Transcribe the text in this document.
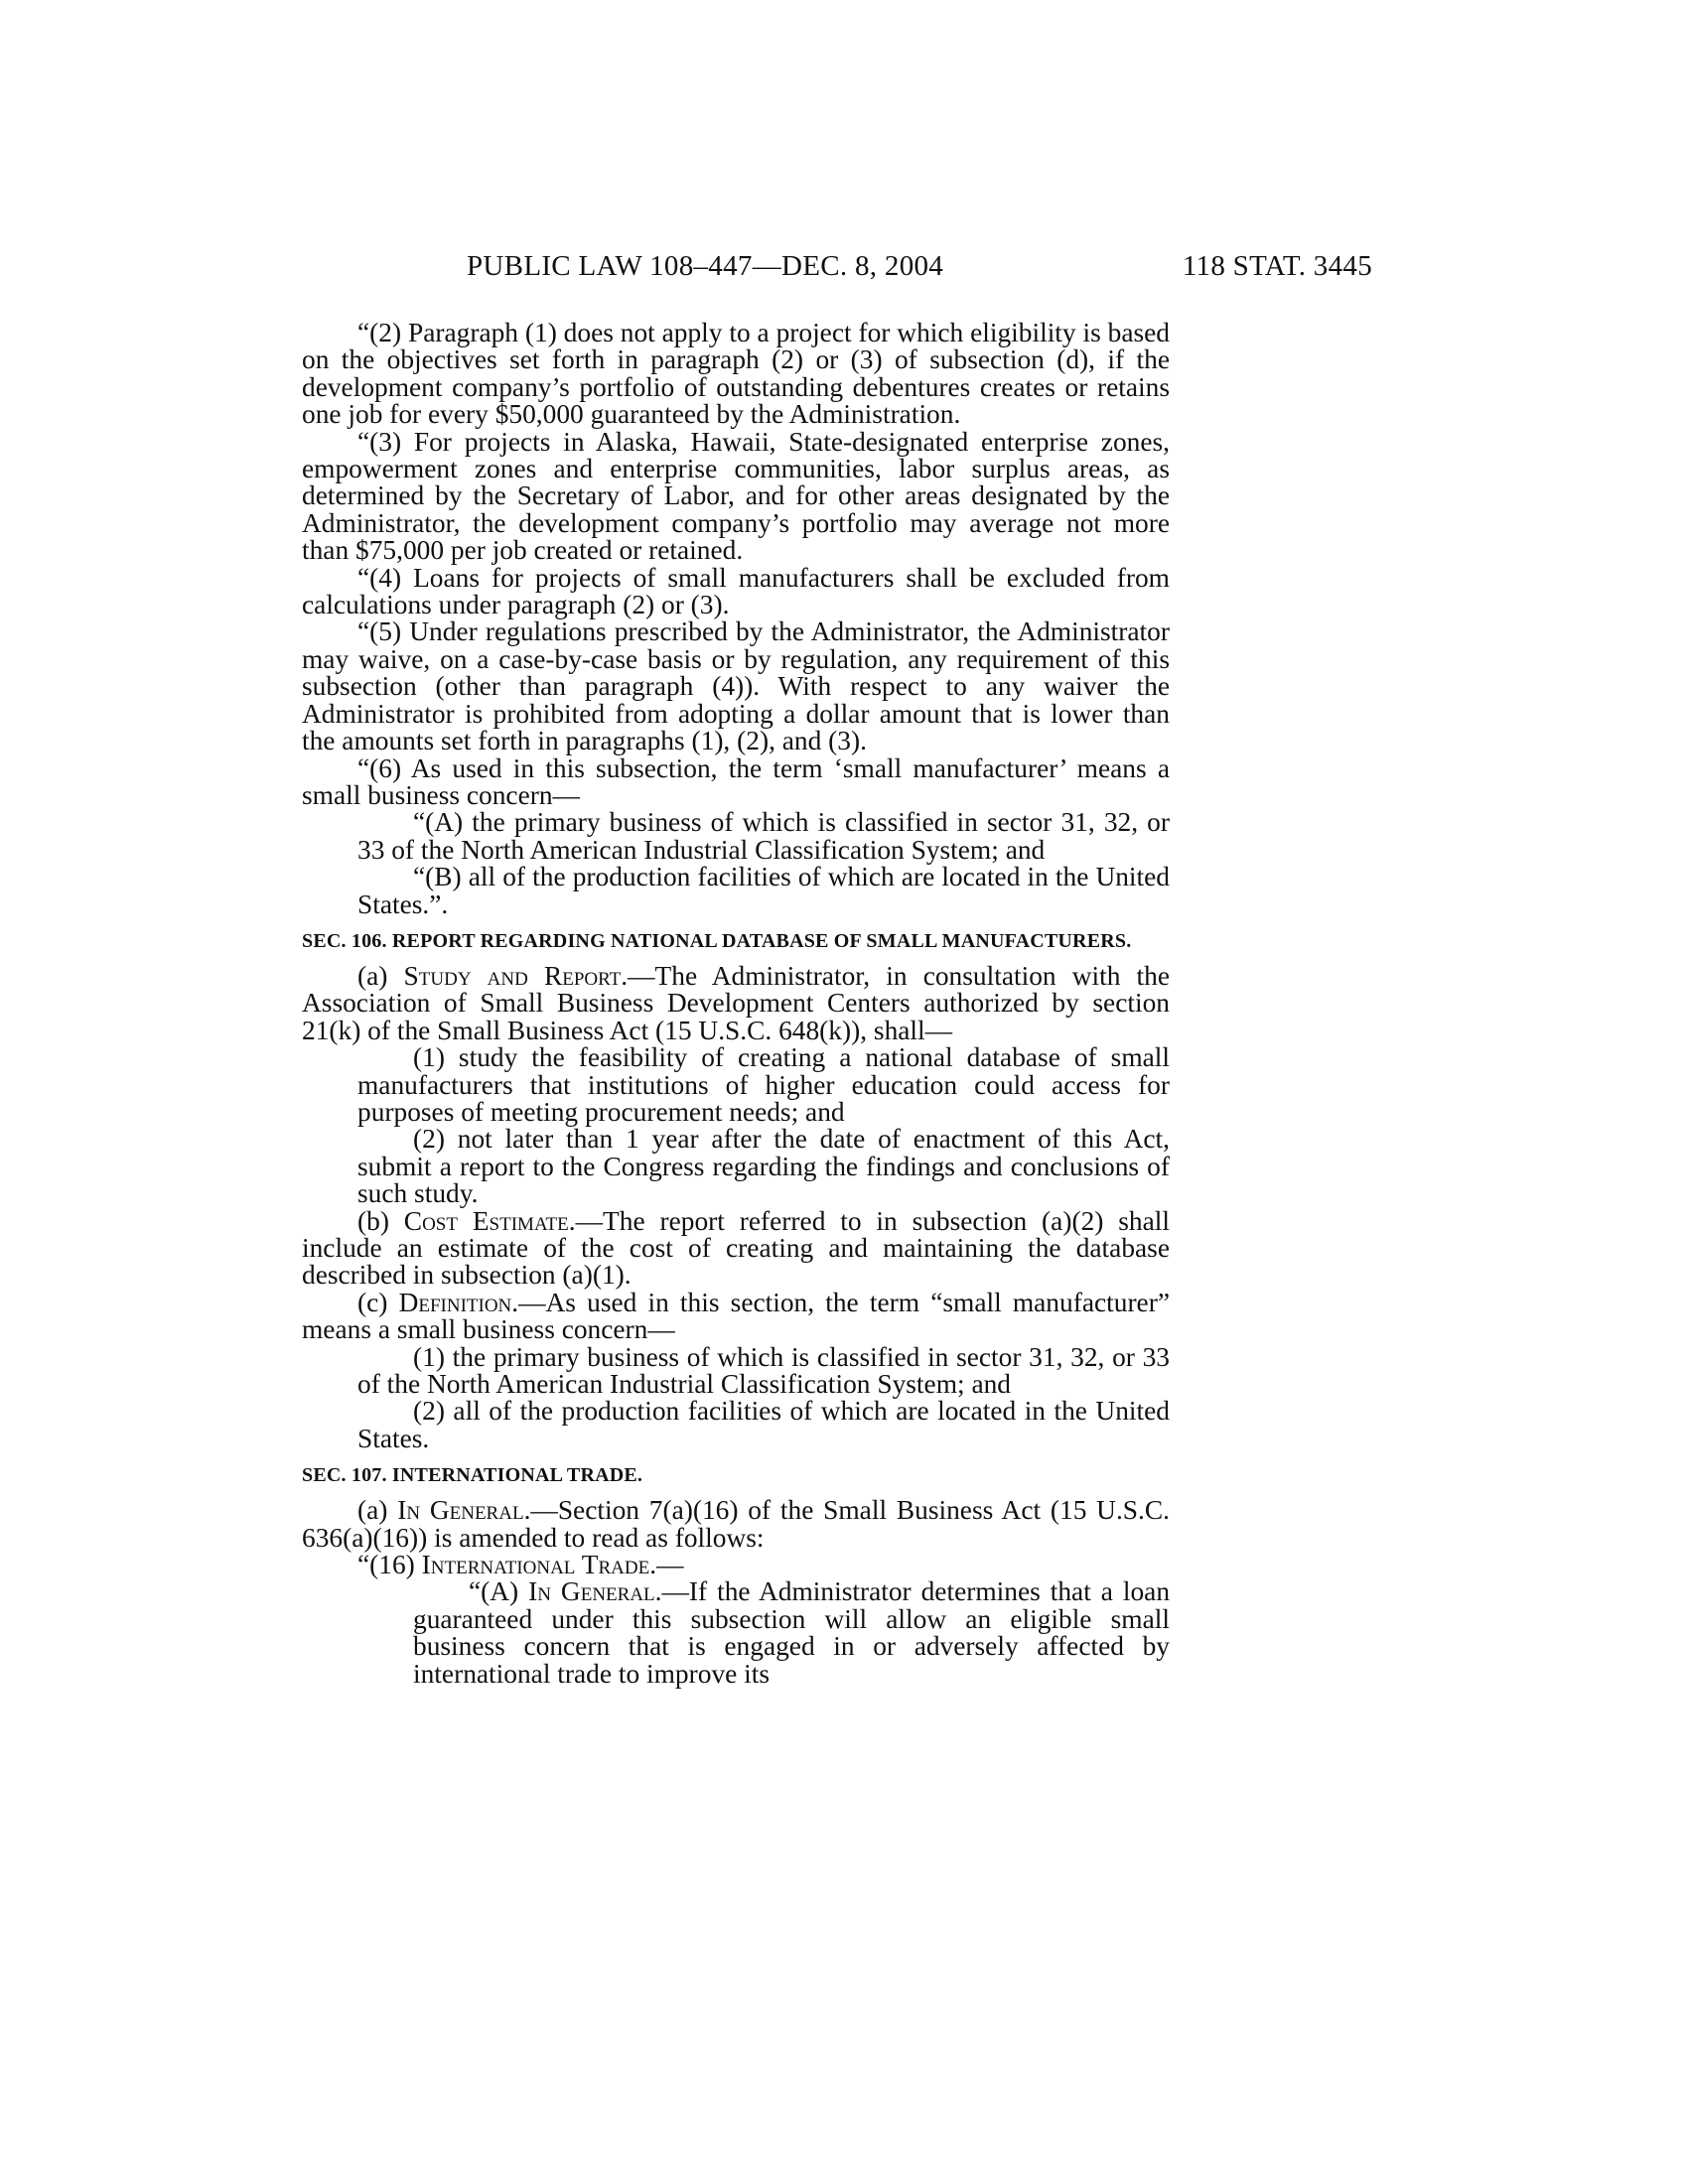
PUBLIC LAW 108–447—DEC. 8, 2004	118 STAT. 3445

“(2) Paragraph (1) does not apply to a project for which eligibility is based on the objectives set forth in paragraph (2) or (3) of subsection (d), if the development company’s portfolio of outstanding debentures creates or retains one job for every $50,000 guaranteed by the Administration.

“(3) For projects in Alaska, Hawaii, State-designated enterprise zones, empowerment zones and enterprise communities, labor surplus areas, as determined by the Secretary of Labor, and for other areas designated by the Administrator, the development company’s portfolio may average not more than $75,000 per job created or retained.

“(4) Loans for projects of small manufacturers shall be excluded from calculations under paragraph (2) or (3).

“(5) Under regulations prescribed by the Administrator, the Administrator may waive, on a case-by-case basis or by regulation, any requirement of this subsection (other than paragraph (4)). With respect to any waiver the Administrator is prohibited from adopting a dollar amount that is lower than the amounts set forth in paragraphs (1), (2), and (3).

“(6) As used in this subsection, the term ‘small manufacturer’ means a small business concern—

“(A) the primary business of which is classified in sector 31, 32, or 33 of the North American Industrial Classification System; and

“(B) all of the production facilities of which are located in the United States.”.

SEC. 106. REPORT REGARDING NATIONAL DATABASE OF SMALL MANUFACTURERS.

(a) Study and Report.—The Administrator, in consultation with the Association of Small Business Development Centers authorized by section 21(k) of the Small Business Act (15 U.S.C. 648(k)), shall—

(1) study the feasibility of creating a national database of small manufacturers that institutions of higher education could access for purposes of meeting procurement needs; and

(2) not later than 1 year after the date of enactment of this Act, submit a report to the Congress regarding the findings and conclusions of such study.

(b) Cost Estimate.—The report referred to in subsection (a)(2) shall include an estimate of the cost of creating and maintaining the database described in subsection (a)(1).

(c) Definition.—As used in this section, the term “small manufacturer” means a small business concern—

(1) the primary business of which is classified in sector 31, 32, or 33 of the North American Industrial Classification System; and

(2) all of the production facilities of which are located in the United States.

SEC. 107. INTERNATIONAL TRADE.

(a) In General.—Section 7(a)(16) of the Small Business Act (15 U.S.C. 636(a)(16)) is amended to read as follows:

“(16) International Trade.—

“(A) In General.—If the Administrator determines that a loan guaranteed under this subsection will allow an eligible small business concern that is engaged in or adversely affected by international trade to improve its
